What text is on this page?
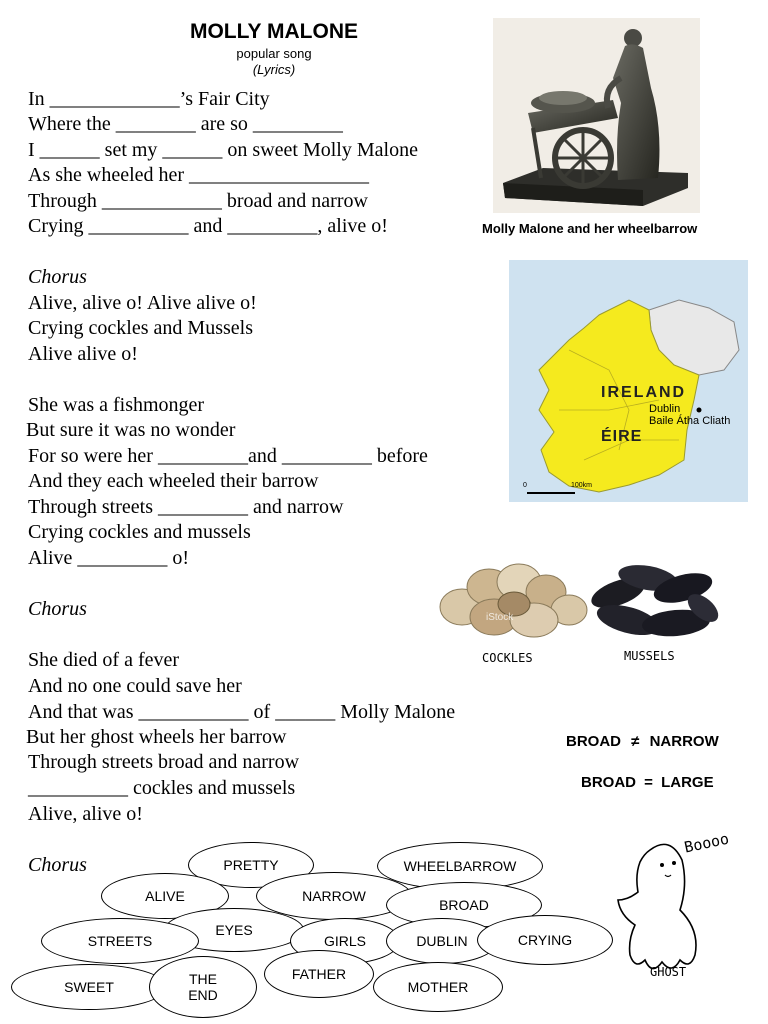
MOLLY MALONE
popular song
(Lyrics)
In _____________’s Fair City
Where the ________ are so _________
I ______ set my ______ on sweet Molly Malone
As she wheeled her __________________
Through ____________ broad and narrow
Crying __________ and _________, alive o!
Chorus
Alive, alive o! Alive alive o!
Crying cockles and Mussels
Alive alive o!
She was a fishmonger
But sure it was no wonder
For so were her _________and _________ before
And they each wheeled their barrow
Through streets _________ and narrow
Crying cockles and mussels
Alive _________ o!
Chorus
She died of a fever
And no one could save her
And that was ___________ of ______ Molly Malone
But her ghost wheels her barrow
Through streets broad and narrow
__________ cockles and mussels
Alive, alive o!
Chorus
Molly Malone and her wheelbarrow
IRELAND
ÉIRE
Dublin
Baile Átha Cliath
0	100km
iStock
COCKLES	MUSSELS
BROAD ≠ NARROW
BROAD = LARGE
Boooo
GHOST
PRETTY	WHEELBARROW
ALIVE	NARROW
BROAD
EYES
STREETS	GIRLS	DUBLIN	CRYING
FATHER
SWEET	THE
END	MOTHER
